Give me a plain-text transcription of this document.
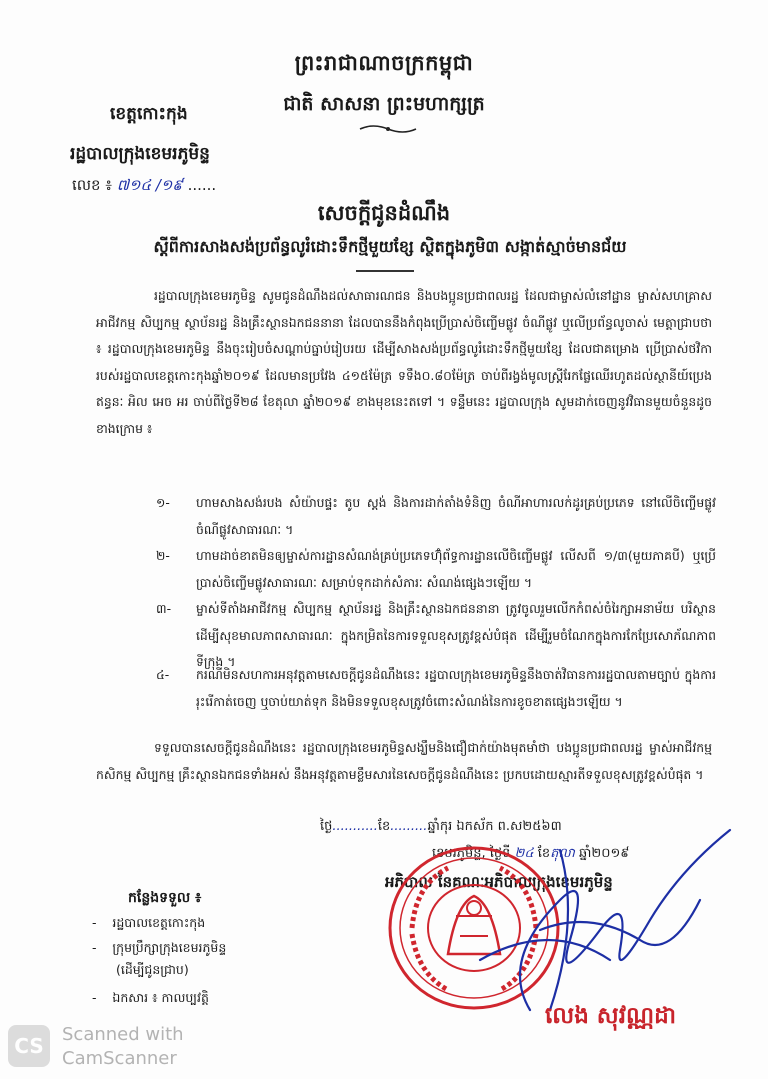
ព្រះរាជាណាចក្រកម្ពុជា
ជាតិ សាសនា ព្រះមហាក្សត្រ
ខេត្តកោះកុង
រដ្ឋបាលក្រុងខេមរភូមិន្ទ
លេខ ៖ ៧១៤ /១៩ ......
សេចក្តីជូនដំណឹង
ស្តីពីការសាងសង់ប្រព័ន្ធលូរំដោះទឹកថ្មីមួយខ្សែ ស្ថិតក្នុងភូមិ៣ សង្កាត់ស្មាច់មានជ័យ
រដ្ឋបាលក្រុងខេមរភូមិន្ទ សូមជូនដំណឹងដល់សាធារណជន និងបងប្អូនប្រជាពលរដ្ឋ ដែលជាម្ចាស់លំនៅដ្ឋាន ម្ចាស់សហគ្រាស អាជីវកម្ម សិប្បកម្ម ស្ថាប័នរដ្ឋ និងគ្រឹះស្ថានឯកជននានា ដែលបាននឹងកំពុងប្រើប្រាស់ចិញ្ចើមផ្លូវ ចំណីផ្លូវ ឬលើប្រព័ន្ធលូចាស់ មេត្តាជ្រាបថា ៖ រដ្ឋបាលក្រុងខេមរភូមិន្ទ នឹងចុះរៀបចំសណ្តាប់ធ្នាប់រៀបរយ ដើម្បីសាងសង់ប្រព័ន្ធលូរំដោះទឹកថ្មីមួយខ្សែ ដែលជាគម្រោង ប្រើប្រាស់ថវិការបស់រដ្ឋបាលខេត្តកោះកុងឆ្នាំ២០១៩ ដែលមានប្រវែង ៤១៥ម៉ែត្រ ទទឹង០.៨០ម៉ែត្រ ចាប់ពីរង្វង់មូលស្ត្រីរែកផ្លែឈើរហូតដល់ស្ថានីយ៍ប្រេងឥន្ធនៈ អិល អេច អរ ចាប់ពីថ្ងៃទី២៨ ខែតុលា ឆ្នាំ២០១៩ ខាងមុខនេះតទៅ ។ ទន្ទឹមនេះ រដ្ឋបាលក្រុង សូមដាក់ចេញនូវវិធានមួយចំនួនដូចខាងក្រោម ៖
១- ហាមសាងសង់របង សំយ៉ាបផ្ទះ តូប ស្តង់ និងការដាក់តាំងទំនិញ ចំណីអាហារលក់ដូរគ្រប់ប្រភេទ នៅលើចិញ្ចើមផ្លូវ ចំណីផ្លូវសាធារណៈ ។
២- ហាមដាច់ខាតមិនឲ្យម្ចាស់ការដ្ឋានសំណង់គ្រប់ប្រភេទហ៊ុំព័ទ្ធការដ្ឋានលើចិញ្ចើមផ្លូវ លើសពី ១/៣(មួយភាគបី) ឬប្រើប្រាស់ចិញ្ចើមផ្លូវសាធារណៈ សម្រាប់ទុកដាក់សំភារៈ សំណង់ផ្សេងៗឡើយ ។
៣- ម្ចាស់ទីតាំងអាជីវកម្ម សិប្បកម្ម ស្ថាប័នរដ្ឋ និងគ្រឹះស្ថានឯកជននានា ត្រូវចូលរួមលើកកំពស់ចំរៃក្សាអនាម័យ បរិស្ថាន ដើម្បីសុខមាលភាពសាធារណៈ ក្នុងកម្រិតនៃការទទួលខុសត្រូវខ្ពស់បំផុត ដើម្បីរួមចំណែកក្នុងការកែប្រែសោភ័ណភាពទីក្រុង ។
៤- ករណីមិនសហការអនុវត្តតាមសេចក្តីជូនដំណឹងនេះ រដ្ឋបាលក្រុងខេមរភូមិន្ទនឹងចាត់វិធានការរដ្ឋបាលតាមច្បាប់ ក្នុងការរុះរើកាត់ចេញ ឬចាប់យាត់ទុក និងមិនទទួលខុសត្រូវចំពោះសំណង់នៃការខូចខាតផ្សេងៗឡើយ ។
ទទួលបានសេចក្តីជូនដំណឹងនេះ រដ្ឋបាលក្រុងខេមរភូមិន្ទសង្ឃឹមនិងជឿជាក់យ៉ាងមុតមាំថា បងប្អូនប្រជាពលរដ្ឋ ម្ចាស់អាជីវកម្ម កសិកម្ម សិប្បកម្ម គ្រឹះស្ថានឯកជនទាំងអស់ នឹងអនុវត្តតាមខ្លឹមសារនៃសេចក្តីជូនដំណឹងនេះ ប្រកបដោយស្មារតីទទួលខុសត្រូវខ្ពស់បំផុត ។
ថ្ងៃ...........ខែ.........ឆ្នាំកុរ ឯកស័ក ព.ស២៥៦៣
ខេមរភូមិន្ទ, ថ្ងៃទី ២៤ ខែតុលា ឆ្នាំ២០១៩
អភិបាល នៃគណៈអភិបាលក្រុងខេមរភូមិន្ទ
កន្លែងទទួល ៖
-    រដ្ឋបាលខេត្តកោះកុង
-    ក្រុមប្រឹក្សាក្រុងខេមរភូមិន្ទ
(ដើម្បីជូនជ្រាប)
-    ឯកសារ ៖ កាលប្បវត្តិ
លេង សុវណ្ណដា
CS	Scanned with
CamScanner
